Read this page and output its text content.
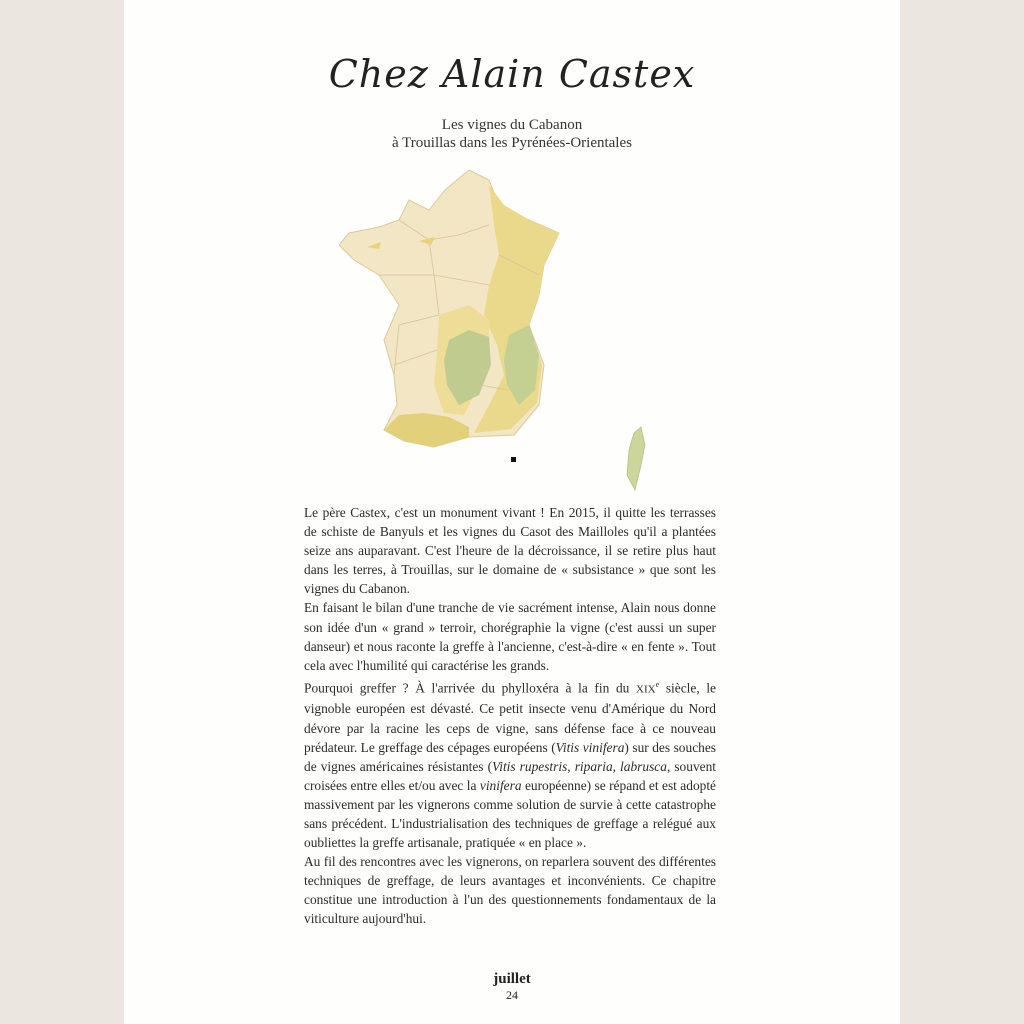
Chez Alain Castex
Les vignes du Cabanon
à Trouillas dans les Pyrénées-Orientales

Le père Castex, c'est un monument vivant ! En 2015, il quitte les terrasses de schiste de Banyuls et les vignes du Casot des Mailloles qu'il a plantées seize ans auparavant. C'est l'heure de la décroissance, il se retire plus haut dans les terres, à Trouillas, sur le domaine de « subsistance » que sont les vignes du Cabanon.

En faisant le bilan d'une tranche de vie sacrément intense, Alain nous donne son idée d'un « grand » terroir, chorégraphie la vigne (c'est aussi un super danseur) et nous raconte la greffe à l'ancienne, c'est-à-dire « en fente ». Tout cela avec l'humilité qui caractérise les grands.

Pourquoi greffer ? À l'arrivée du phylloxéra à la fin du XIXe siècle, le vignoble européen est dévasté. Ce petit insecte venu d'Amérique du Nord dévore par la racine les ceps de vigne, sans défense face à ce nouveau prédateur. Le greffage des cépages européens (Vitis vinifera) sur des souches de vignes américaines résistantes (Vitis rupestris, riparia, labrusca, souvent croisées entre elles et/ou avec la vinifera européenne) se répand et est adopté massivement par les vignerons comme solution de survie à cette catastrophe sans précédent. L'industrialisation des techniques de greffage a relégué aux oubliettes la greffe artisanale, pratiquée « en place ».

Au fil des rencontres avec les vignerons, on reparlera souvent des différentes techniques de greffage, de leurs avantages et inconvénients. Ce chapitre constitue une introduction à l'un des questionnements fondamentaux de la viticulture aujourd'hui.

juillet
24
